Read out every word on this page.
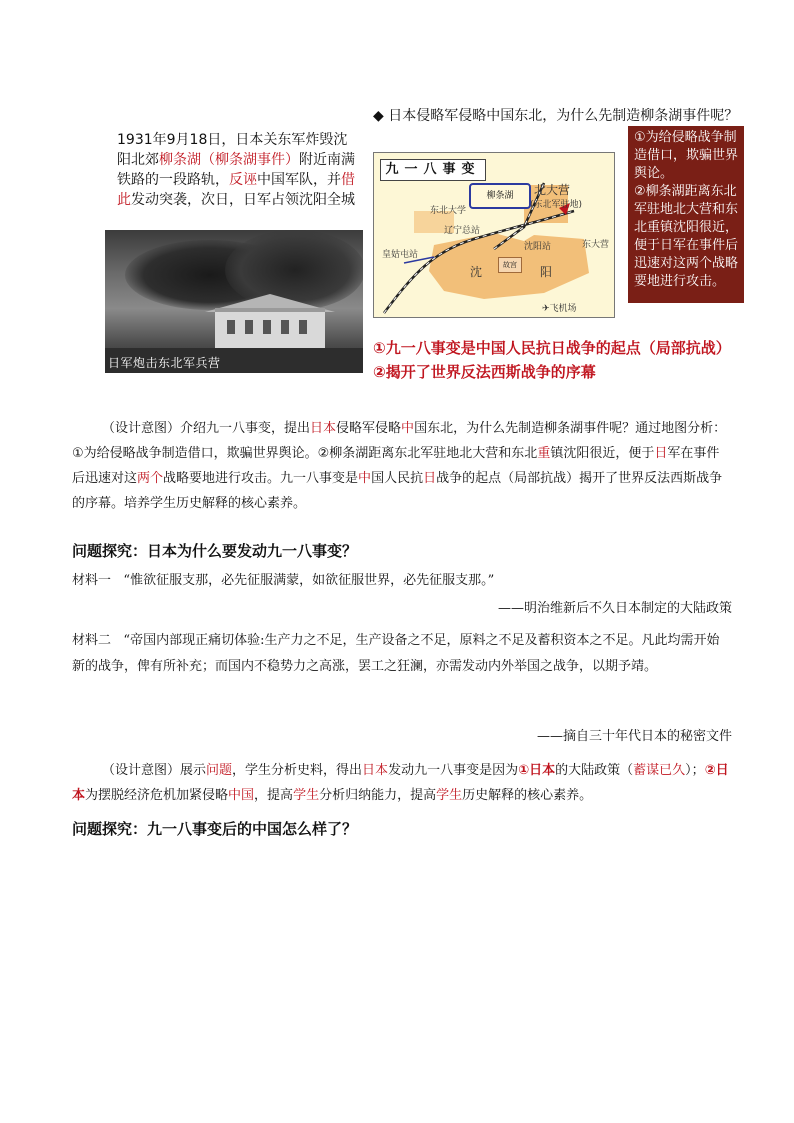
1931年9月18日，日本关东军炸毁沈阳北郊柳条湖（柳条湖事件）附近南满铁路的一段路轨，反诬中国军队，并借此发动突袭，次日，日军占领沈阳全城
日军炮击东北军兵营
◆ 日本侵略军侵略中国东北，为什么先制造柳条湖事件呢？
九一八事变
柳条湖	北大营
(东北军驻地)
东北大学
皇姑屯站
辽宁总站
沈阳站	东大营
沈	阳
故宫
✈飞机场
①为给侵略战争制造借口，欺骗世界舆论。
②柳条湖距离东北军驻地北大营和东北重镇沈阳很近，便于日军在事件后迅速对这两个战略要地进行攻击。
①九一八事变是中国人民抗日战争的起点（局部抗战）
②揭开了世界反法西斯战争的序幕
（设计意图）介绍九一八事变，提出日本侵略军侵略中国东北，为什么先制造柳条湖事件呢？通过地图分析：①为给侵略战争制造借口，欺骗世界舆论。②柳条湖距离东北军驻地北大营和东北重镇沈阳很近，便于日军在事件后迅速对这两个战略要地进行攻击。九一八事变是中国人民抗日战争的起点（局部抗战）揭开了世界反法西斯战争的序幕。培养学生历史解释的核心素养。
问题探究：日本为什么要发动九一八事变？
材料一 “惟欲征服支那，必先征服满蒙，如欲征服世界，必先征服支那。”
——明治维新后不久日本制定的大陆政策
材料二 “帝国内部现正痛切体验:生产力之不足，生产设备之不足，原料之不足及蓄积资本之不足。凡此均需开始新的战争，俾有所补充；而国内不稳势力之高涨，罢工之狂澜，亦需发动内外举国之战争，以期予靖。
——摘自三十年代日本的秘密文件
（设计意图）展示问题，学生分析史料，得出日本发动九一八事变是因为①日本的大陆政策（蓄谋已久）；②日本为摆脱经济危机加紧侵略中国，提高学生分析归纳能力，提高学生历史解释的核心素养。
问题探究：九一八事变后的中国怎么样了？
